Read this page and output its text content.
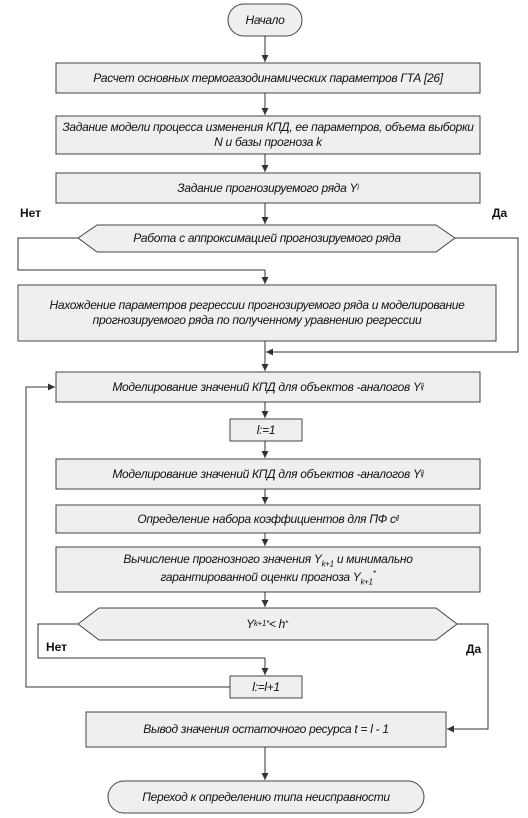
Начало
Расчет основных термогазодинамических параметров ГТА [26]
Задание модели процесса изменения КПД, ее параметров, объема выборки N и базы прогноза k
Задание прогнозируемого ряда Y i
Работа с аппроксимацией прогнозируемого ряда
Нахождение параметров регрессии прогнозируемого ряда и моделирование прогнозируемого ряда по полученному уравнению регрессии
Моделирование значений КПД для объектов -аналогов Y i j
l:=1
Моделирование значений КПД для объектов -аналогов Y i j
Определение набора коэффициентов для ПФ c i l
Вычисление прогнозного значения $Y_{k+1}$ и минимально
гарантированной оценки прогноза $Y_{k+1}^*$
Y k+1 * < h *
l:=l+1
Вывод значения остаточного ресурса t = l - 1
Переход к определению типа неисправности
Нет	Да
Нет	Да
